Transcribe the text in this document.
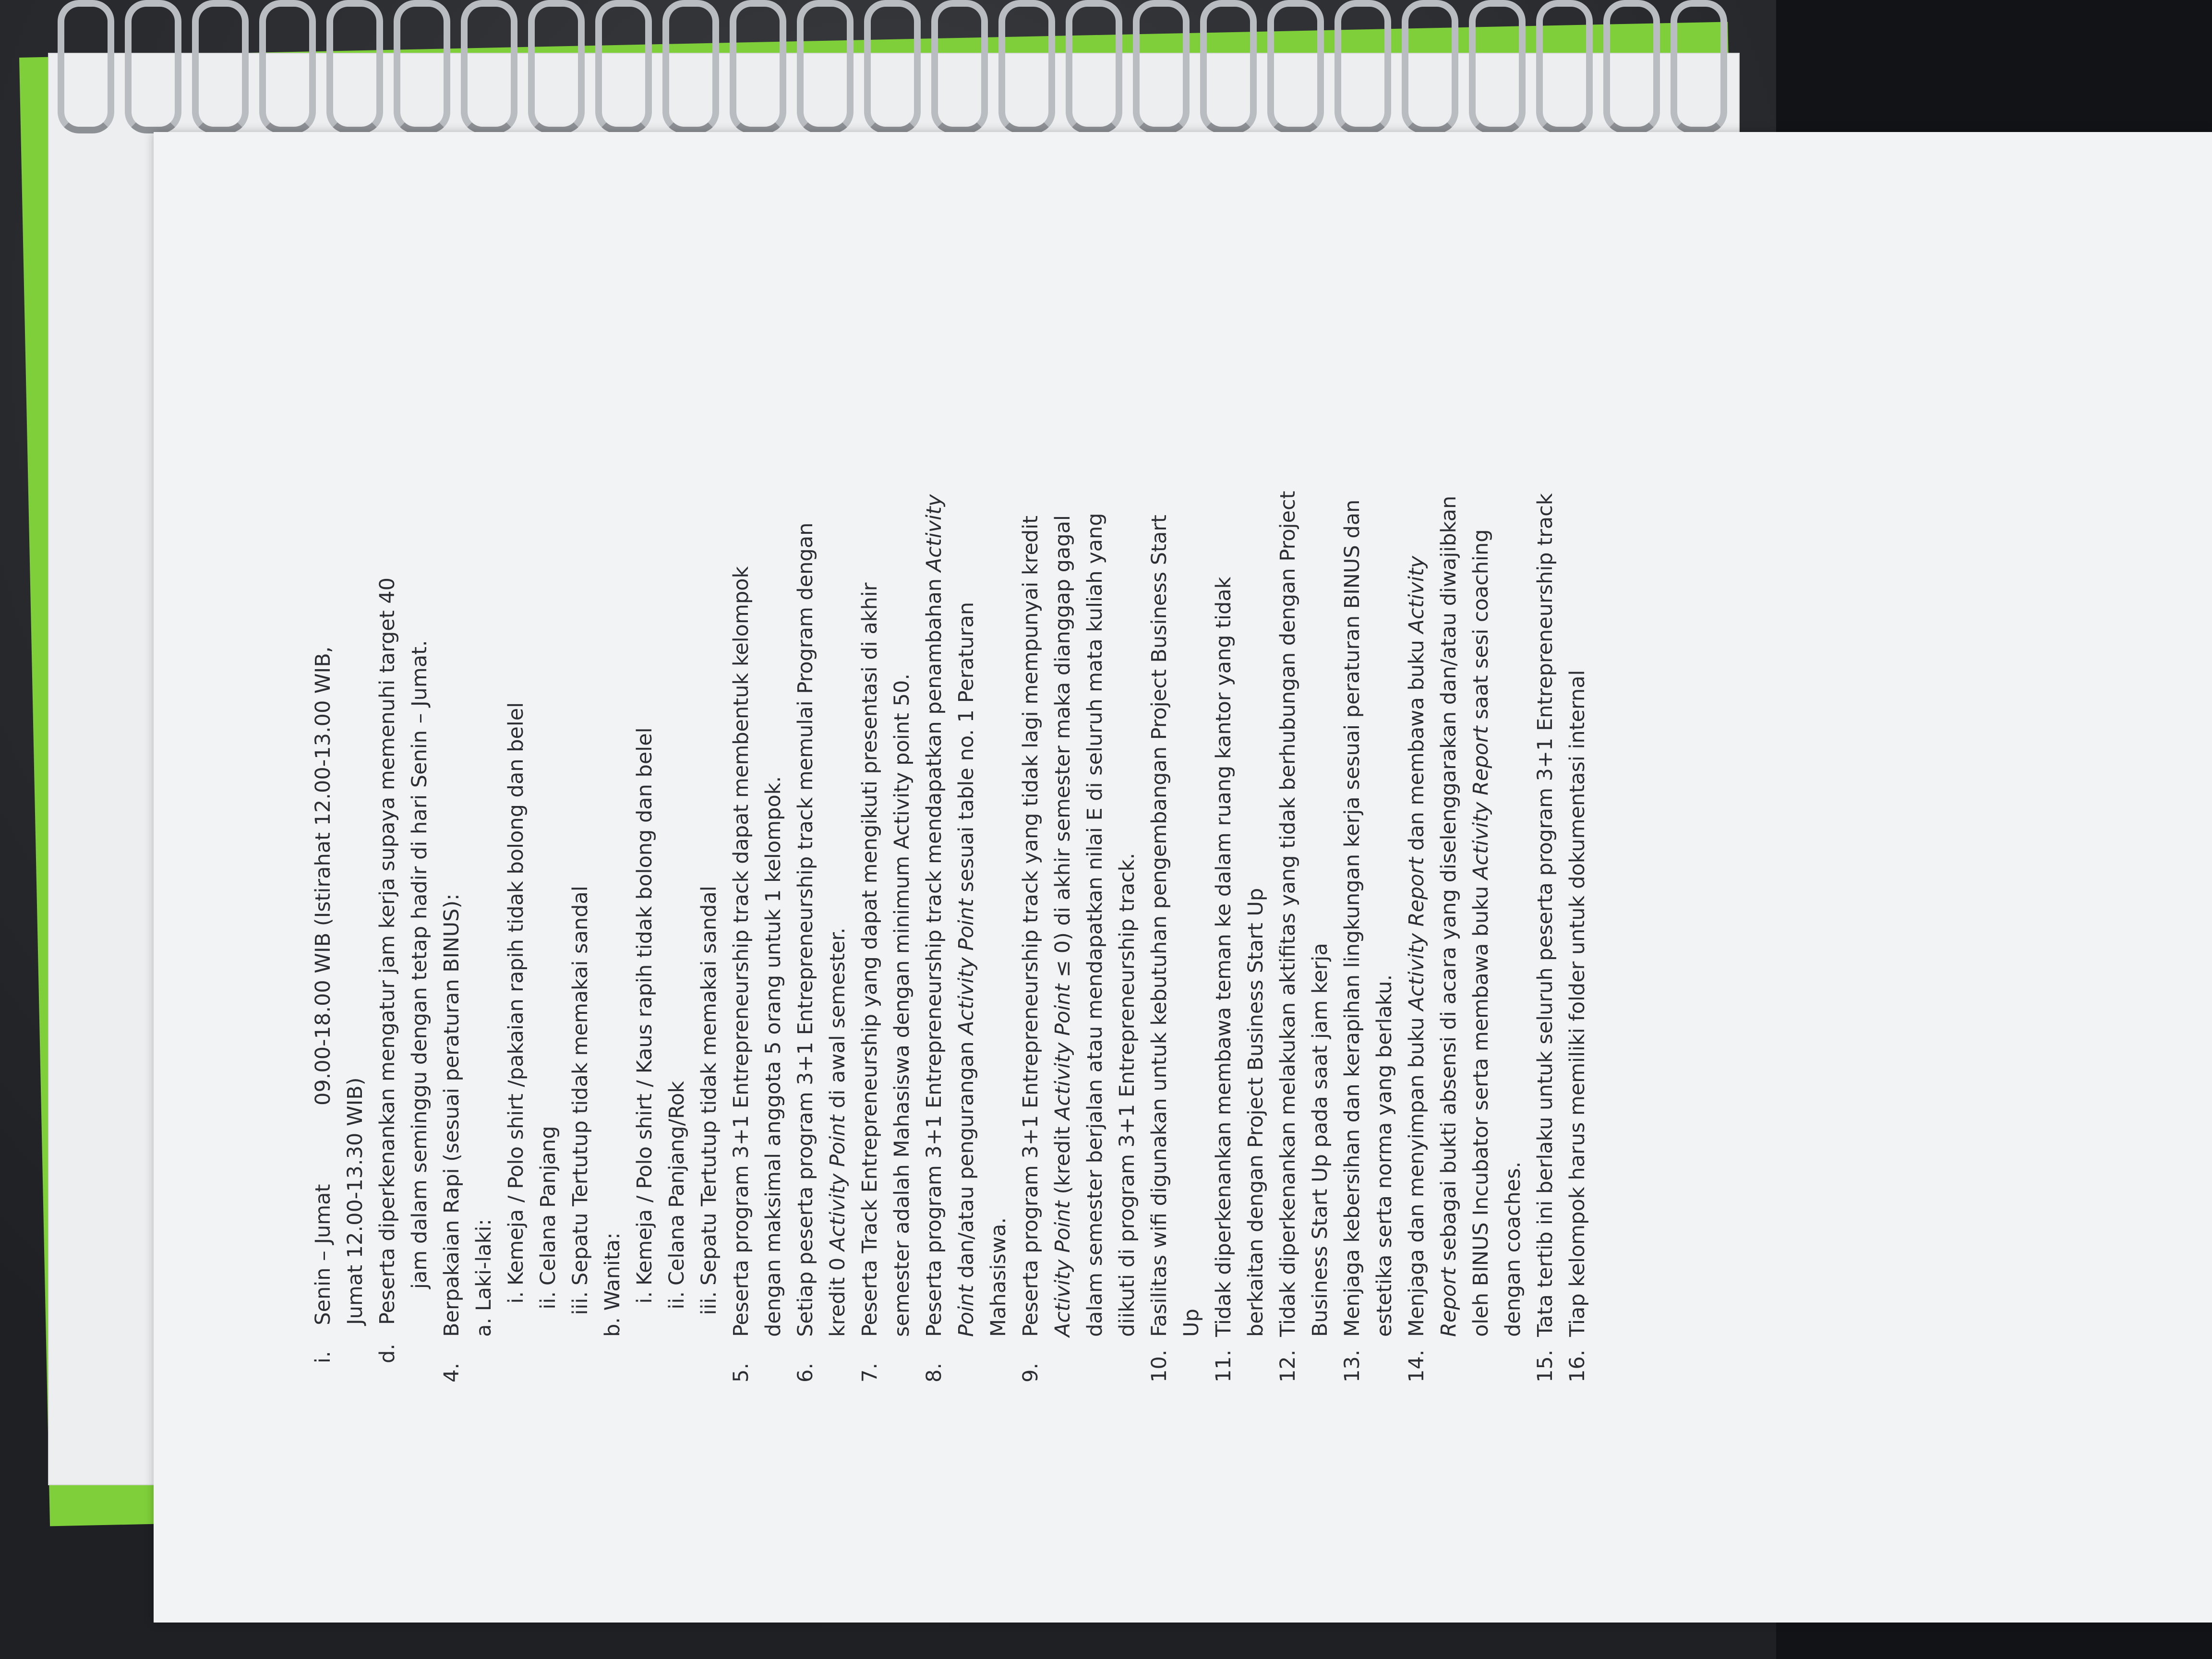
i. Senin – Jumat 09.00-18.00 WIB (Istirahat 12.00-13.00 WIB,
Jumat 12.00-13.30 WIB)
d.Peserta diperkenankan mengatur jam kerja supaya memenuhi target 40 jam dalam seminggu dengan tetap hadir di hari Senin – Jumat.
4.Berpakaian Rapi (sesuai peraturan BINUS): a. Laki-laki: i.Kemeja / Polo shirt /pakaian rapih tidak bolong dan belel
ii.Celana Panjang
iii.Sepatu Tertutup tidak memakai sandal b. Wanita: i.Kemeja / Polo shirt / Kaus rapih tidak bolong dan belel
ii.Celana Panjang/Rok
iii.Sepatu Tertutup tidak memakai sandal
5.Peserta program 3+1 Entrepreneurship track dapat membentuk kelompok dengan maksimal anggota 5 orang untuk 1 kelompok.
6.Setiap peserta program 3+1 Entrepreneurship track memulai Program dengan kredit 0 Activity Point di awal semester.
7.Peserta Track Entrepreneurship yang dapat mengikuti presentasi di akhir semester adalah Mahasiswa dengan minimum Activity point 50.
8.Peserta program 3+1 Entrepreneurship track mendapatkan penambahan Activity
Point dan/atau pengurangan Activity Point sesuai table no. 1 Peraturan
Mahasiswa.
9.Peserta program 3+1 Entrepreneurship track yang tidak lagi mempunyai kredit Activity Point (kredit Activity Point ≤ 0) di akhir semester maka dianggap gagal dalam semester berjalan atau mendapatkan nilai E di seluruh mata kuliah yang diikuti di program 3+1 Entrepreneurship track.
10.Fasilitas wifi digunakan untuk kebutuhan pengembangan Project Business Start Up
11.Tidak diperkenankan membawa teman ke dalam ruang kantor yang tidak berkaitan dengan Project Business Start Up
12.Tidak diperkenankan melakukan aktifitas yang tidak berhubungan dengan Project Business Start Up pada saat jam kerja
13.Menjaga kebersihan dan kerapihan lingkungan kerja sesuai peraturan BINUS dan estetika serta norma yang berlaku.
14.Menjaga dan menyimpan buku Activity Report dan membawa buku Activity
Report sebagai bukti absensi di acara yang diselenggarakan dan/atau diwajibkan oleh BINUS Incubator serta membawa buku Activity Report saat sesi coaching
dengan coaches.
15.Tata tertib ini berlaku untuk seluruh peserta program 3+1 Entrepreneurship track
16.Tiap kelompok harus memiliki folder untuk dokumentasi internal
